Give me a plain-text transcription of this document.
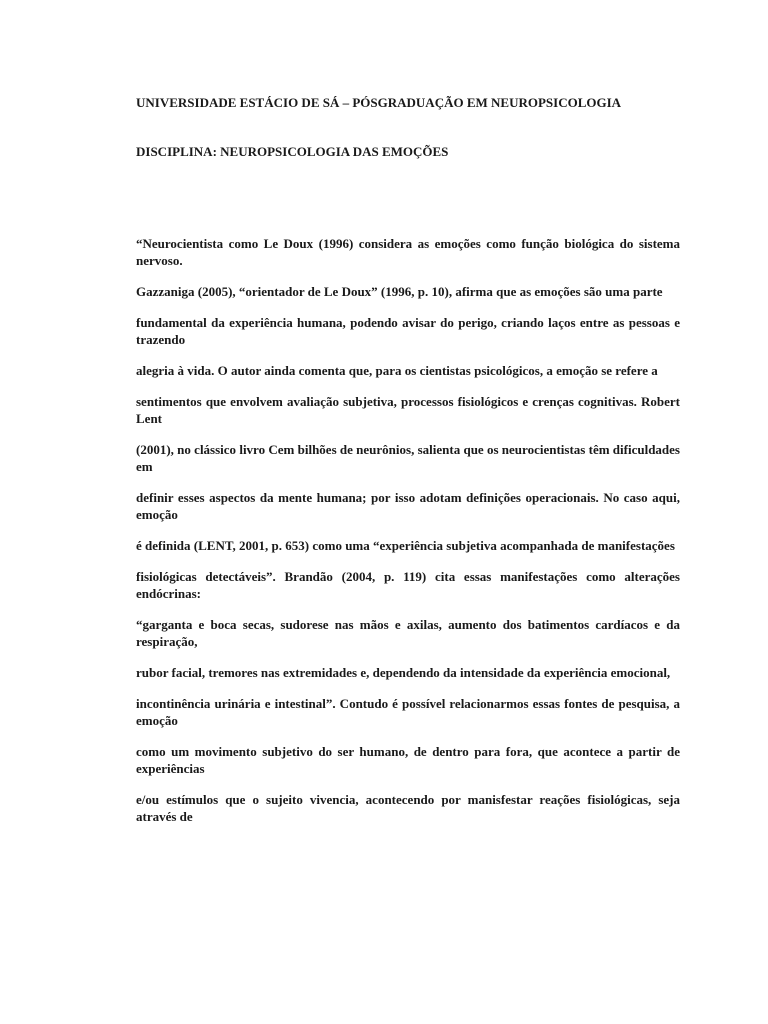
UNIVERSIDADE ESTÁCIO DE SÁ – PÓSGRADUAÇÃO EM NEUROPSICOLOGIA
DISCIPLINA: NEUROPSICOLOGIA DAS EMOÇÕES

“Neurocientista como Le Doux (1996) considera as emoções como função biológica do sistema nervoso.

Gazzaniga (2005), “orientador de Le Doux” (1996, p. 10), afirma que as emoções são uma parte

fundamental da experiência humana, podendo avisar do perigo, criando laços entre as pessoas e trazendo

alegria à vida. O autor ainda comenta que, para os cientistas psicológicos, a emoção se refere a

sentimentos que envolvem avaliação subjetiva, processos fisiológicos e crenças cognitivas. Robert Lent

(2001), no clássico livro Cem bilhões de neurônios, salienta que os neurocientistas têm dificuldades em

definir esses aspectos da mente humana; por isso adotam definições operacionais. No caso aqui, emoção

é definida (LENT, 2001, p. 653) como uma “experiência subjetiva acompanhada de manifestações

fisiológicas detectáveis”. Brandão (2004, p. 119) cita essas manifestações como alterações endócrinas:

“garganta e boca secas, sudorese nas mãos e axilas, aumento dos batimentos cardíacos e da respiração,

rubor facial, tremores nas extremidades e, dependendo da intensidade da experiência emocional,

incontinência urinária e intestinal”. Contudo é possível relacionarmos essas fontes de pesquisa, a emoção

como um movimento subjetivo do ser humano, de dentro para fora, que acontece a partir de experiências

e/ou estímulos que o sujeito vivencia, acontecendo por manisfestar reações fisiológicas, seja através de
